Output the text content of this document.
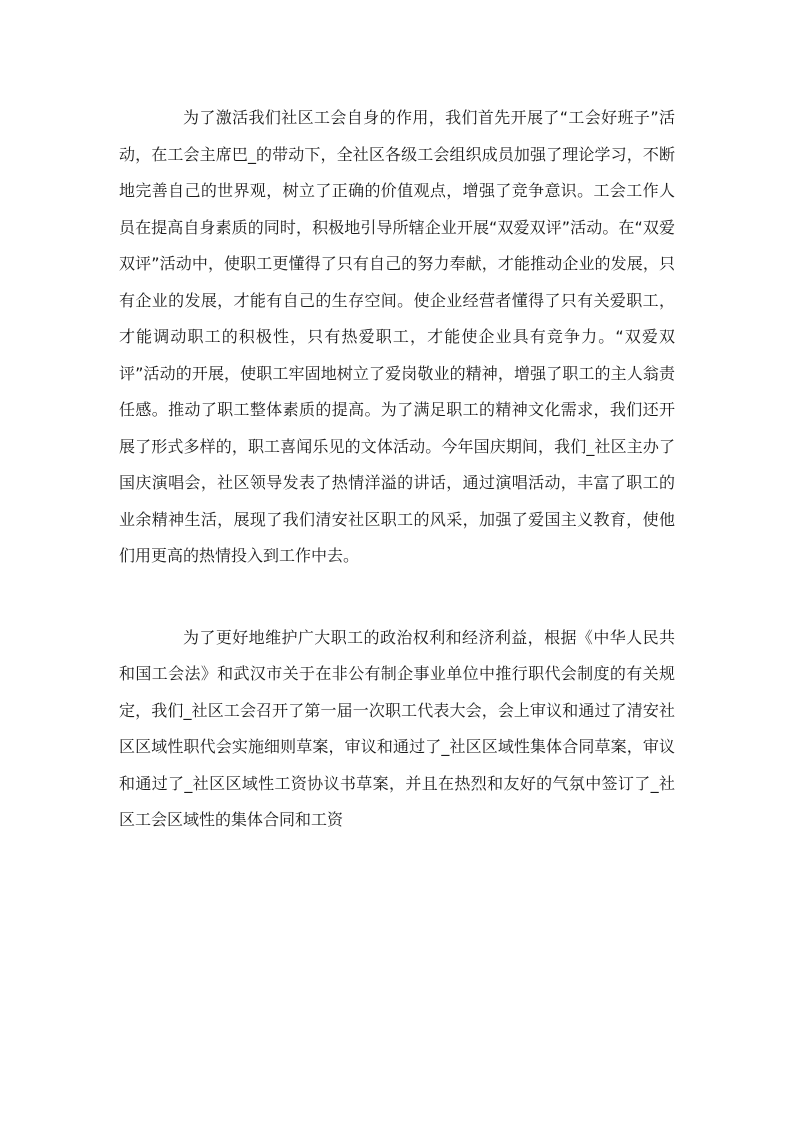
为了激活我们社区工会自身的作用，我们首先开展了“工会好班子”活动，在工会主席巴_的带动下，全社区各级工会组织成员加强了理论学习，不断地完善自己的世界观，树立了正确的价值观点，增强了竞争意识。工会工作人员在提高自身素质的同时，积极地引导所辖企业开展“双爱双评”活动。在“双爱双评”活动中，使职工更懂得了只有自己的努力奉献，才能推动企业的发展，只有企业的发展，才能有自己的生存空间。使企业经营者懂得了只有关爱职工，才能调动职工的积极性，只有热爱职工，才能使企业具有竞争力。“双爱双评”活动的开展，使职工牢固地树立了爱岗敬业的精神，增强了职工的主人翁责任感。推动了职工整体素质的提高。为了满足职工的精神文化需求，我们还开展了形式多样的，职工喜闻乐见的文体活动。今年国庆期间，我们_社区主办了国庆演唱会，社区领导发表了热情洋溢的讲话，通过演唱活动，丰富了职工的业余精神生活，展现了我们清安社区职工的风采，加强了爱国主义教育，使他们用更高的热情投入到工作中去。

为了更好地维护广大职工的政治权利和经济利益，根据《中华人民共和国工会法》和武汉市关于在非公有制企事业单位中推行职代会制度的有关规定，我们_社区工会召开了第一届一次职工代表大会，会上审议和通过了清安社区区域性职代会实施细则草案，审议和通过了_社区区域性集体合同草案，审议和通过了_社区区域性工资协议书草案，并且在热烈和友好的气氛中签订了_社区工会区域性的集体合同和工资
